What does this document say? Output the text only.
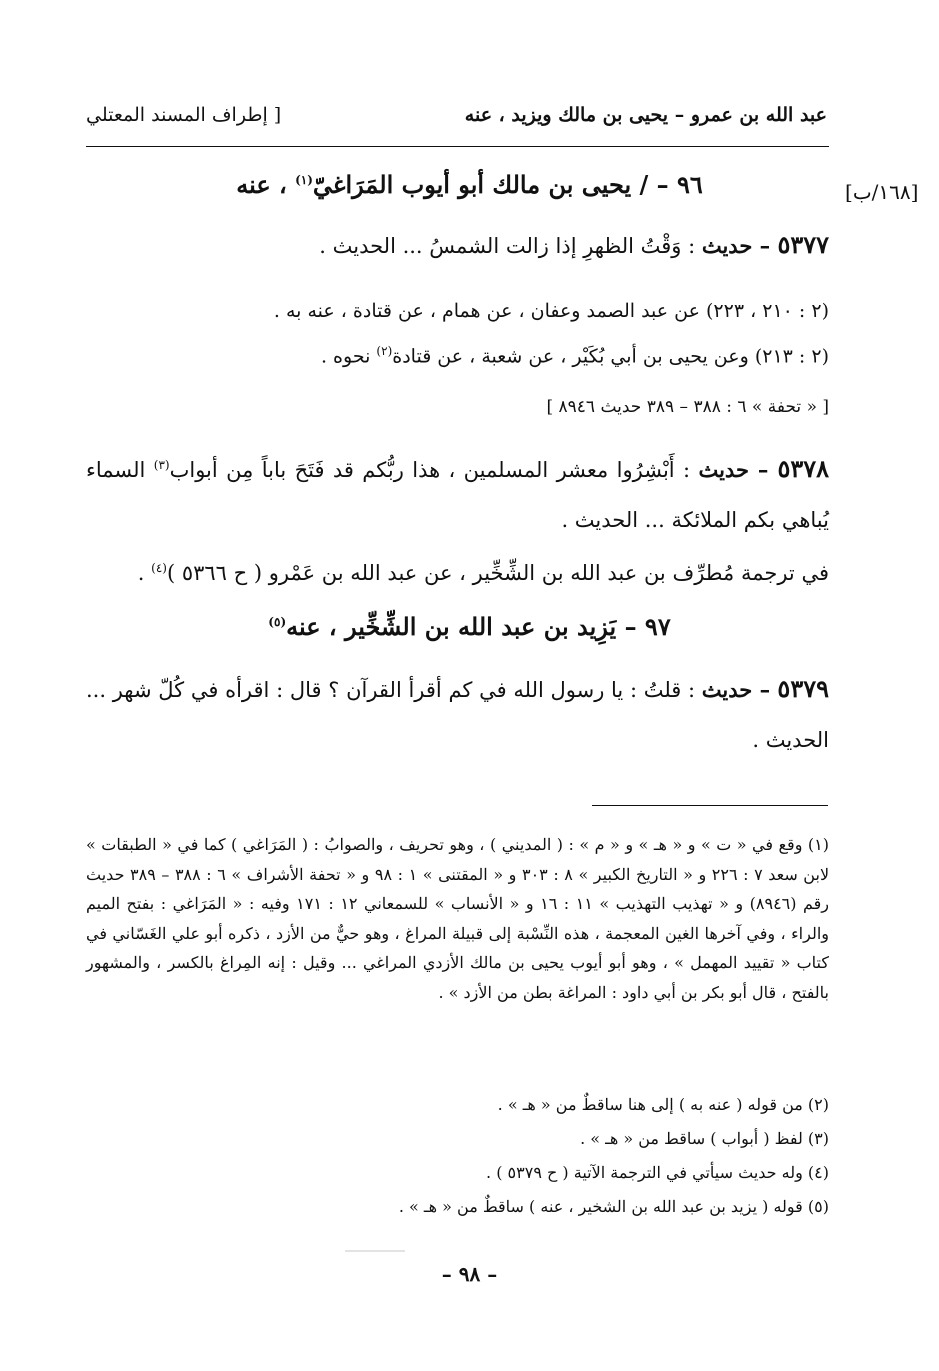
عبد الله بن عمرو – يحيى بن مالك ويزيد ، عنه
[ إطراف المسند المعتلي
[١٦٨/ب]
٩٦ – / يحيى بن مالك أبو أيوب المَرَاغيّ$^{(١)}$ ، عنه
٥٣٧٧ – حديث : وَقْتُ الظهرِ إذا زالت الشمسُ ... الحديث .
(٢ : ٢١٠ ، ٢٢٣) عن عبد الصمد وعفان ، عن همام ، عن قتادة ، عنه به .
(٢ : ٢١٣) وعن يحيى بن أبي بُكَيْر ، عن شعبة ، عن قتادة$^{(٢)}$ نحوه .
[ « تحفة » ٦ : ٣٨٨ – ٣٨٩ حديث ٨٩٤٦ ]
٥٣٧٨ – حديث : أَبْشِرُوا معشر المسلمين ، هذا ربُّكم قد فَتَحَ باباً مِن أبواب$^{(٣)}$ السماء يُباهي بكم الملائكة ... الحديث .
في ترجمة مُطرِّف بن عبد الله بن الشِّخِّير ، عن عبد الله بن عَمْرو ( ح ٥٣٦٦ )$^{(٤)}$ .
٩٧ – يَزِيد بن عبد الله بن الشِّخِّير ، عنه$^{(٥)}$
٥٣٧٩ – حديث : قلتُ : يا رسول الله في كم أقرأ القرآن ؟ قال : اقرأه في كُلّ شهر ... الحديث .
(١) وقع في « ت » و « هـ » و « م » : ( المديني ) ، وهو تحريف ، والصوابُ : ( المَرَاغي ) كما في « الطبقات » لابن سعد ٧ : ٢٢٦ و « التاريخ الكبير » ٨ : ٣٠٣ و « المقتنى » ١ : ٩٨ و « تحفة الأشراف » ٦ : ٣٨٨ – ٣٨٩ حديث رقم (٨٩٤٦) و « تهذيب التهذيب » ١١ : ١٦ و « الأنساب » للسمعاني ١٢ : ١٧١ وفيه : « المَرَاغي : بفتح الميم والراء ، وفي آخرها الغين المعجمة ، هذه النِّسْبة إلى قبيلة المراغ ، وهو حيٌّ من الأزد ، ذكره أبو علي الغَسّاني في كتاب « تقييد المهمل » ، وهو أبو أيوب يحيى بن مالك الأزدي المراغي ... وقيل : إنه المِراغ بالكسر ، والمشهور بالفتح ، قال أبو بكر بن أبي داود : المراغة بطن من الأزد » .
(٢) من قوله ( عنه به ) إلى هنا ساقطٌ من « هـ » .
(٣) لفظ ( أبواب ) ساقط من « هـ » .
(٤) وله حديث سيأتي في الترجمة الآتية ( ح ٥٣٧٩ ) .
(٥) قوله ( يزيد بن عبد الله بن الشخير ، عنه ) ساقطٌ من « هـ » .
– ٩٨ –
